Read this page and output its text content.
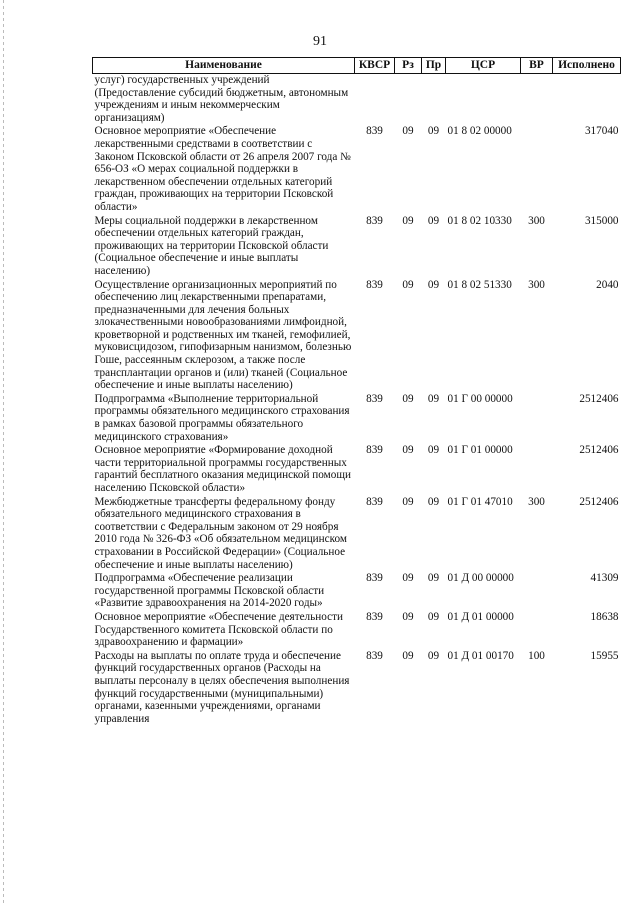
91
Наименование	КВСР	Рз	Пр	ЦСР	ВР	Исполнено
услуг) государственных учреждений (Предоставление субсидий бюджетным, автономным учреждениям и иным некоммерческим организациям)						
Основное мероприятие «Обеспечение лекарственными средствами в соответствии с Законом Псковской области от 26 апреля 2007 года № 656-ОЗ «О мерах социальной поддержки в лекарственном обеспечении отдельных категорий граждан, проживающих на территории Псковской области»	839	09	09	01 8 02 00000		317040
Меры социальной поддержки в лекарственном обеспечении отдельных категорий граждан, проживающих на территории Псковской области (Социальное обеспечение и иные выплаты населению)	839	09	09	01 8 02 10330	300	315000
Осуществление организационных мероприятий по обеспечению лиц лекарственными препаратами, предназначенными для лечения больных злокачественными новообразованиями лимфоидной, кроветворной и родственных им тканей, гемофилией, муковисцидозом, гипофизарным нанизмом, болезнью Гоше, рассеянным склерозом, а также после трансплантации органов и (или) тканей (Социальное обеспечение и иные выплаты населению)	839	09	09	01 8 02 51330	300	2040
Подпрограмма «Выполнение территориальной программы обязательного медицинского страхования в рамках базовой программы обязательного медицинского страхования»	839	09	09	01 Г 00 00000		2512406
Основное мероприятие «Формирование доходной части территориальной программы государственных гарантий бесплатного оказания медицинской помощи населению Псковской области»	839	09	09	01 Г 01 00000		2512406
Межбюджетные трансферты федеральному фонду обязательного медицинского страхования в соответствии с Федеральным законом от 29 ноября 2010 года № 326-ФЗ «Об обязательном медицинском страховании в Российской Федерации» (Социальное обеспечение и иные выплаты населению)	839	09	09	01 Г 01 47010	300	2512406
Подпрограмма «Обеспечение реализации государственной программы Псковской области «Развитие здравоохранения на 2014-2020 годы»	839	09	09	01 Д 00 00000		41309
Основное мероприятие «Обеспечение деятельности Государственного комитета Псковской области по здравоохранению и фармации»	839	09	09	01 Д 01 00000		18638
Расходы на выплаты по оплате труда и обеспечение функций государственных органов (Расходы на выплаты персоналу в целях обеспечения выполнения функций государственными (муниципальными) органами, казенными учреждениями, органами управления	839	09	09	01 Д 01 00170	100	15955
